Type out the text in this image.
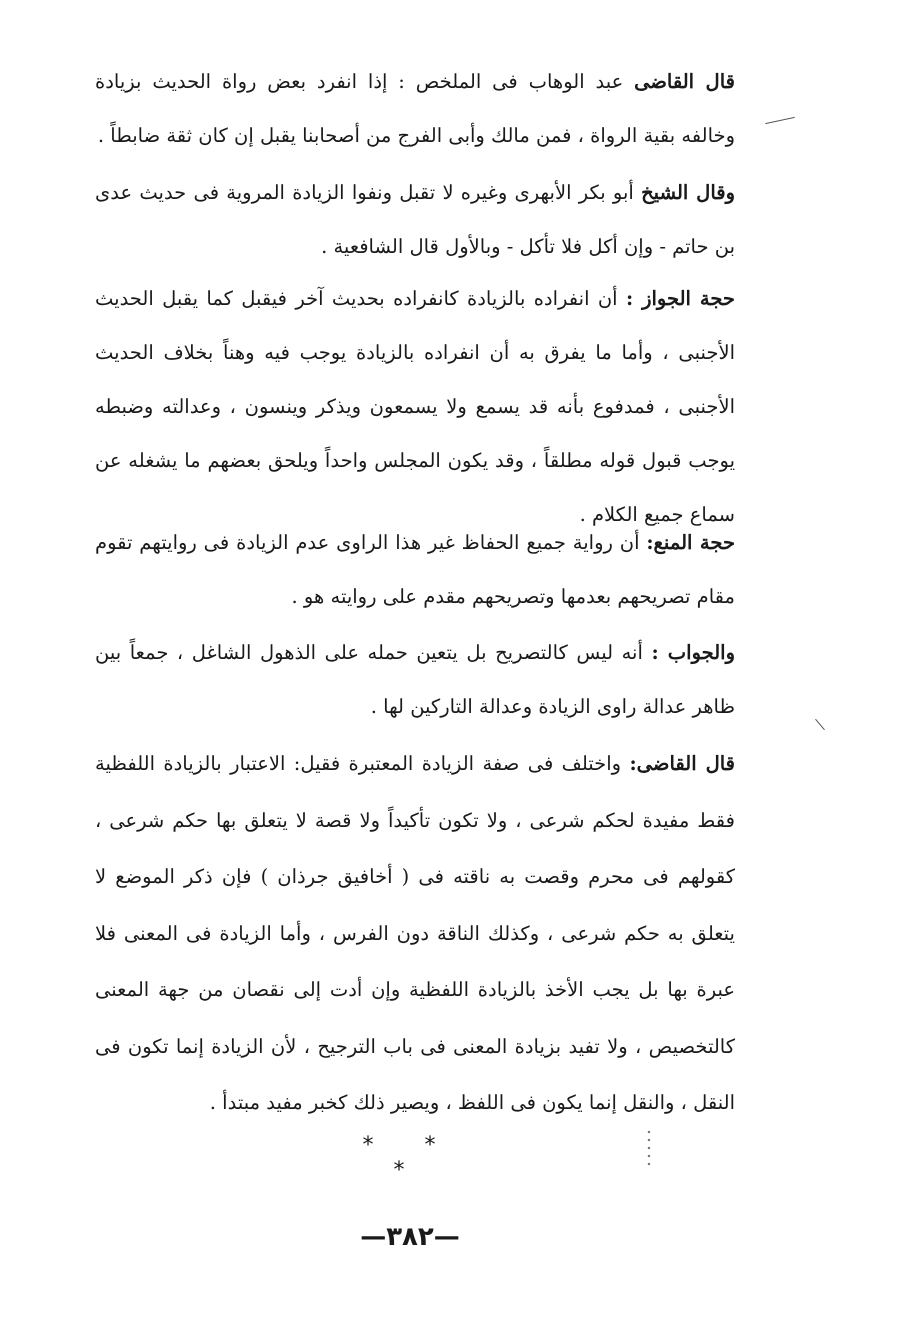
قال القاضى عبد الوهاب فى الملخص : إذا انفرد بعض رواة الحديث بزيادة وخالفه بقية الرواة ، فمن مالك وأبى الفرج من أصحابنا يقبل إن كان ثقة ضابطاً .

وقال الشيخ أبو بكر الأبهرى وغيره لا تقبل ونفوا الزيادة المروية فى حديث عدى بن حاتم - وإن أكل فلا تأكل - وبالأول قال الشافعية .

حجة الجواز : أن انفراده بالزيادة كانفراده بحديث آخر فيقبل كما يقبل الحديث الأجنبى ، وأما ما يفرق به أن انفراده بالزيادة يوجب فيه وهناً بخلاف الحديث الأجنبى ، فمدفوع بأنه قد يسمع ولا يسمعون ويذكر وينسون ، وعدالته وضبطه يوجب قبول قوله مطلقاً ، وقد يكون المجلس واحداً ويلحق بعضهم ما يشغله عن سماع جميع الكلام .

حجة المنع: أن رواية جميع الحفاظ غير هذا الراوى عدم الزيادة فى روايتهم تقوم مقام تصريحهم بعدمها وتصريحهم مقدم على روايته هو .

والجواب : أنه ليس كالتصريح بل يتعين حمله على الذهول الشاغل ، جمعاً بين ظاهر عدالة راوى الزيادة وعدالة التاركين لها .

قال القاضى: واختلف فى صفة الزيادة المعتبرة فقيل: الاعتبار بالزيادة اللفظية فقط مفيدة لحكم شرعى ، ولا تكون تأكيداً ولا قصة لا يتعلق بها حكم شرعى ، كقولهم فى محرم وقصت به ناقته فى ( أخافيق جرذان ) فإن ذكر الموضع لا يتعلق به حكم شرعى ، وكذلك الناقة دون الفرس ، وأما الزيادة فى المعنى فلا عبرة بها بل يجب الأخذ بالزيادة اللفظية وإن أدت إلى نقصان من جهة المعنى كالتخصيص ، ولا تفيد بزيادة المعنى فى باب الترجيح ، لأن الزيادة إنما تكون فى النقل ، والنقل إنما يكون فى اللفظ ، ويصير ذلك كخبر مفيد مبتدأ .

* * *
—٣٨٢—
